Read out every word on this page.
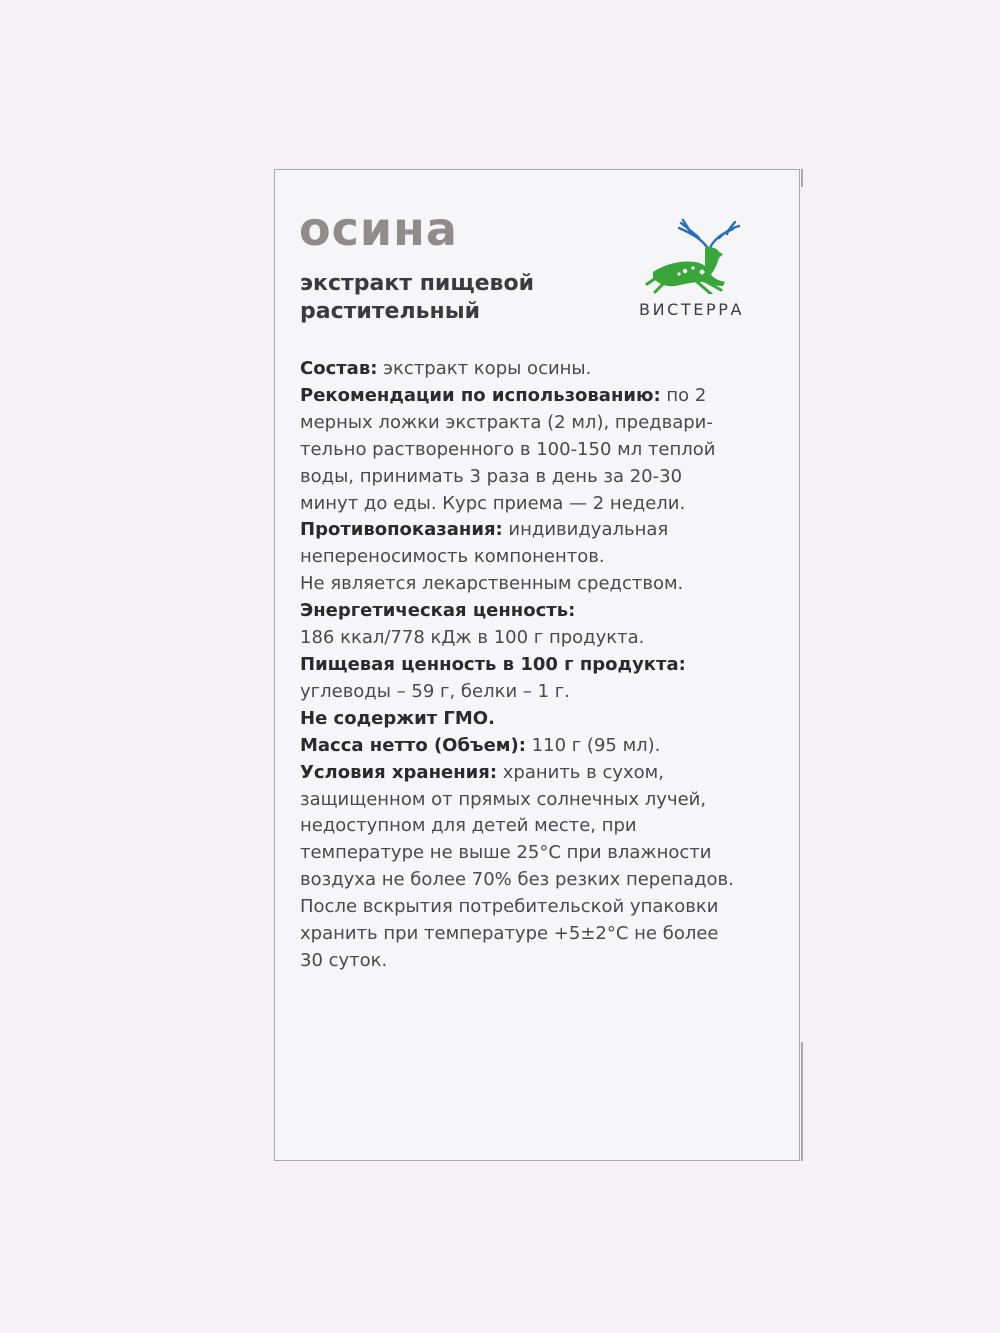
осина
экстракт пищевой
растительный	ВИСТЕРРА

Состав: экстракт коры осины.
Рекомендации по использованию: по 2
мерных ложки экстракта (2 мл), предвари-
тельно растворенного в 100-150 мл теплой
воды, принимать 3 раза в день за 20-30
минут до еды. Курс приема — 2 недели.
Противопоказания: индивидуальная
непереносимость компонентов.
Не является лекарственным средством.
Энергетическая ценность:
186 ккал/778 кДж в 100 г продукта.
Пищевая ценность в 100 г продукта:
углеводы – 59 г, белки – 1 г.
Не содержит ГМО.
Масса нетто (Объем): 110 г (95 мл).
Условия хранения: хранить в сухом,
защищенном от прямых солнечных лучей,
недоступном для детей месте, при
температуре не выше 25°С при влажности
воздуха не более 70% без резких перепадов.
После вскрытия потребительской упаковки
хранить при температуре +5±2°С не более
30 суток.
